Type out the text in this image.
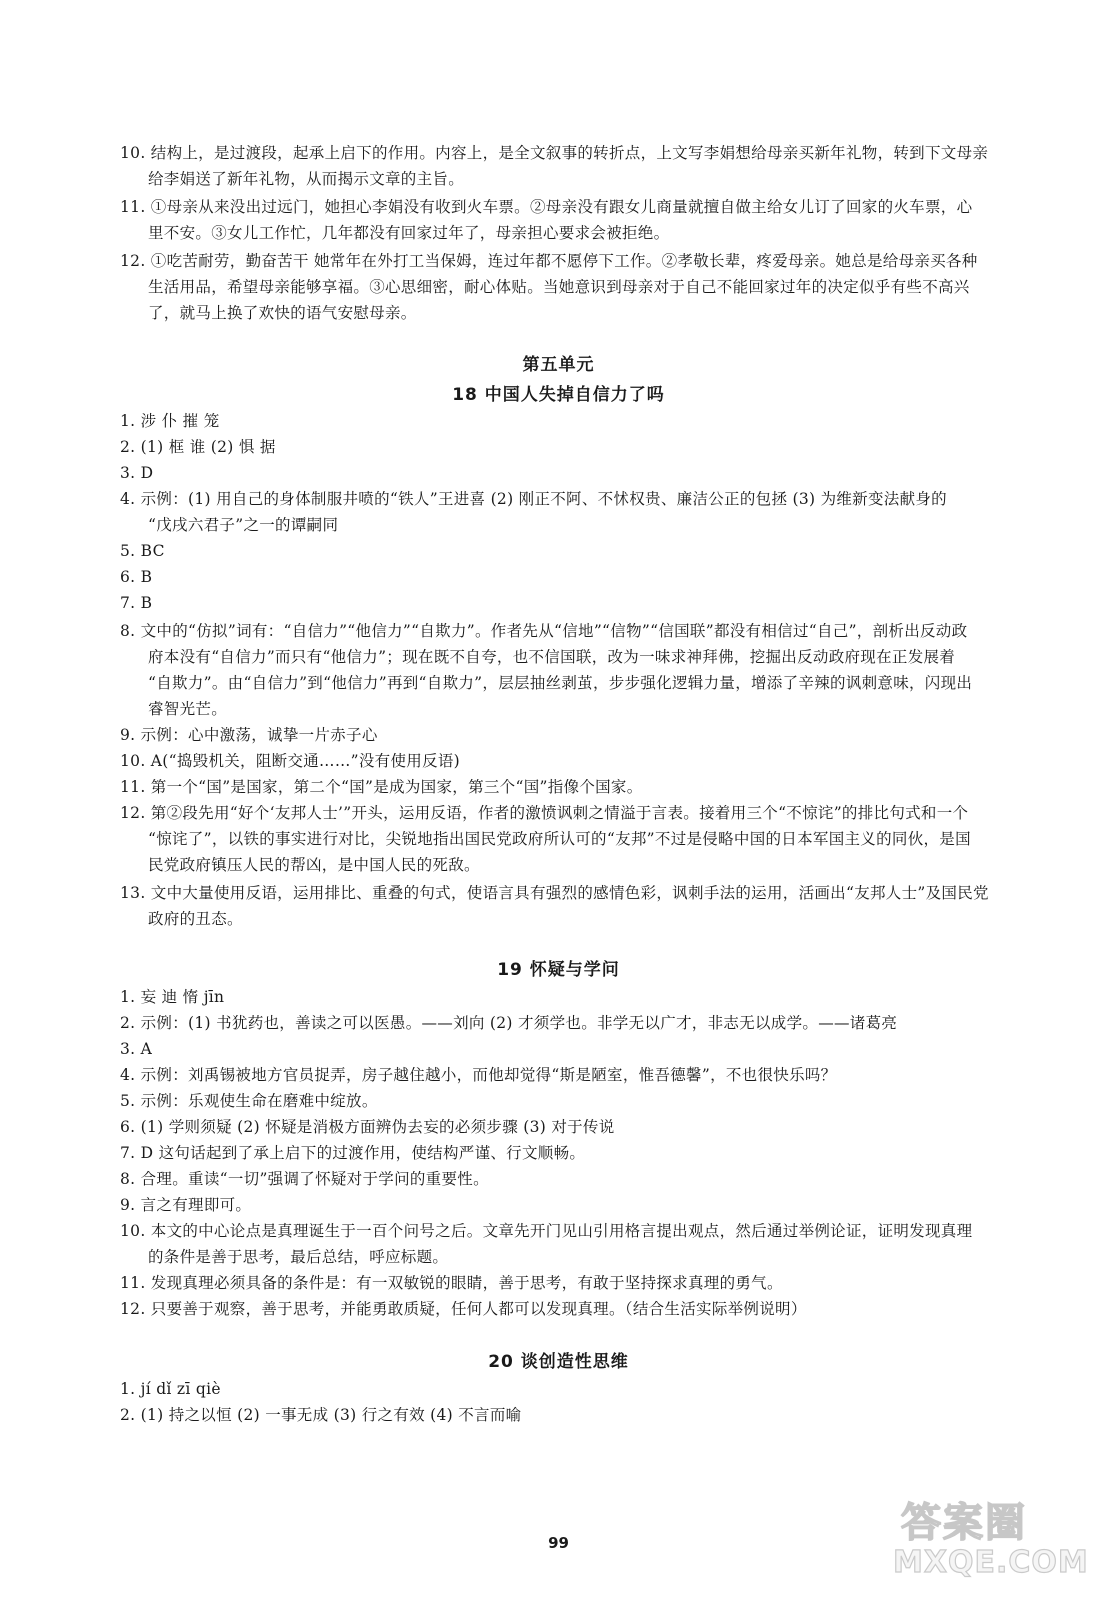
10. 结构上，是过渡段，起承上启下的作用。内容上，是全文叙事的转折点，上文写李娟想给母亲买新年礼物，转到下文母亲
给李娟送了新年礼物，从而揭示文章的主旨。
11. ①母亲从来没出过远门，她担心李娟没有收到火车票。②母亲没有跟女儿商量就擅自做主给女儿订了回家的火车票，心
里不安。③女儿工作忙，几年都没有回家过年了，母亲担心要求会被拒绝。
12. ①吃苦耐劳，勤奋苦干 她常年在外打工当保姆，连过年都不愿停下工作。②孝敬长辈，疼爱母亲。她总是给母亲买各种
生活用品，希望母亲能够享福。③心思细密，耐心体贴。当她意识到母亲对于自己不能回家过年的决定似乎有些不高兴
了，就马上换了欢快的语气安慰母亲。
第五单元
18 中国人失掉自信力了吗
1. 涉 仆 摧 笼
2. (1) 框 谁 (2) 惧 据
3. D
4. 示例：(1) 用自己的身体制服井喷的“铁人”王进喜 (2) 刚正不阿、不怵权贵、廉洁公正的包拯 (3) 为维新变法献身的
“戊戌六君子”之一的谭嗣同
5. BC
6. B
7. B
8. 文中的“仿拟”词有：“自信力”“他信力”“自欺力”。作者先从“信地”“信物”“信国联”都没有相信过“自己”，剖析出反动政
府本没有“自信力”而只有“他信力”；现在既不自夸，也不信国联，改为一味求神拜佛，挖掘出反动政府现在正发展着
“自欺力”。由“自信力”到“他信力”再到“自欺力”，层层抽丝剥茧，步步强化逻辑力量，增添了辛辣的讽刺意味，闪现出
睿智光芒。
9. 示例：心中激荡，诚挚一片赤子心
10. A(“捣毁机关，阻断交通……”没有使用反语)
11. 第一个“国”是国家，第二个“国”是成为国家，第三个“国”指像个国家。
12. 第②段先用“好个‘友邦人士’”开头，运用反语，作者的激愤讽刺之情溢于言表。接着用三个“不惊诧”的排比句式和一个
“惊诧了”，以铁的事实进行对比，尖锐地指出国民党政府所认可的“友邦”不过是侵略中国的日本军国主义的同伙，是国
民党政府镇压人民的帮凶，是中国人民的死敌。
13. 文中大量使用反语，运用排比、重叠的句式，使语言具有强烈的感情色彩，讽刺手法的运用，活画出“友邦人士”及国民党
政府的丑态。
19 怀疑与学问
1. 妄 迪 惰 jīn
2. 示例：(1) 书犹药也，善读之可以医愚。——刘向 (2) 才须学也。非学无以广才，非志无以成学。——诸葛亮
3. A
4. 示例：刘禹锡被地方官员捉弄，房子越住越小，而他却觉得“斯是陋室，惟吾德馨”，不也很快乐吗？
5. 示例：乐观使生命在磨难中绽放。
6. (1) 学则须疑 (2) 怀疑是消极方面辨伪去妄的必须步骤 (3) 对于传说
7. D 这句话起到了承上启下的过渡作用，使结构严谨、行文顺畅。
8. 合理。重读“一切”强调了怀疑对于学问的重要性。
9. 言之有理即可。
10. 本文的中心论点是真理诞生于一百个问号之后。文章先开门见山引用格言提出观点，然后通过举例论证，证明发现真理
的条件是善于思考，最后总结，呼应标题。
11. 发现真理必须具备的条件是：有一双敏锐的眼睛，善于思考，有敢于坚持探求真理的勇气。
12. 只要善于观察，善于思考，并能勇敢质疑，任何人都可以发现真理。（结合生活实际举例说明）
20 谈创造性思维
1. jí dǐ zī qiè
2. (1) 持之以恒 (2) 一事无成 (3) 行之有效 (4) 不言而喻
99	答案圈
MXQE.COM
